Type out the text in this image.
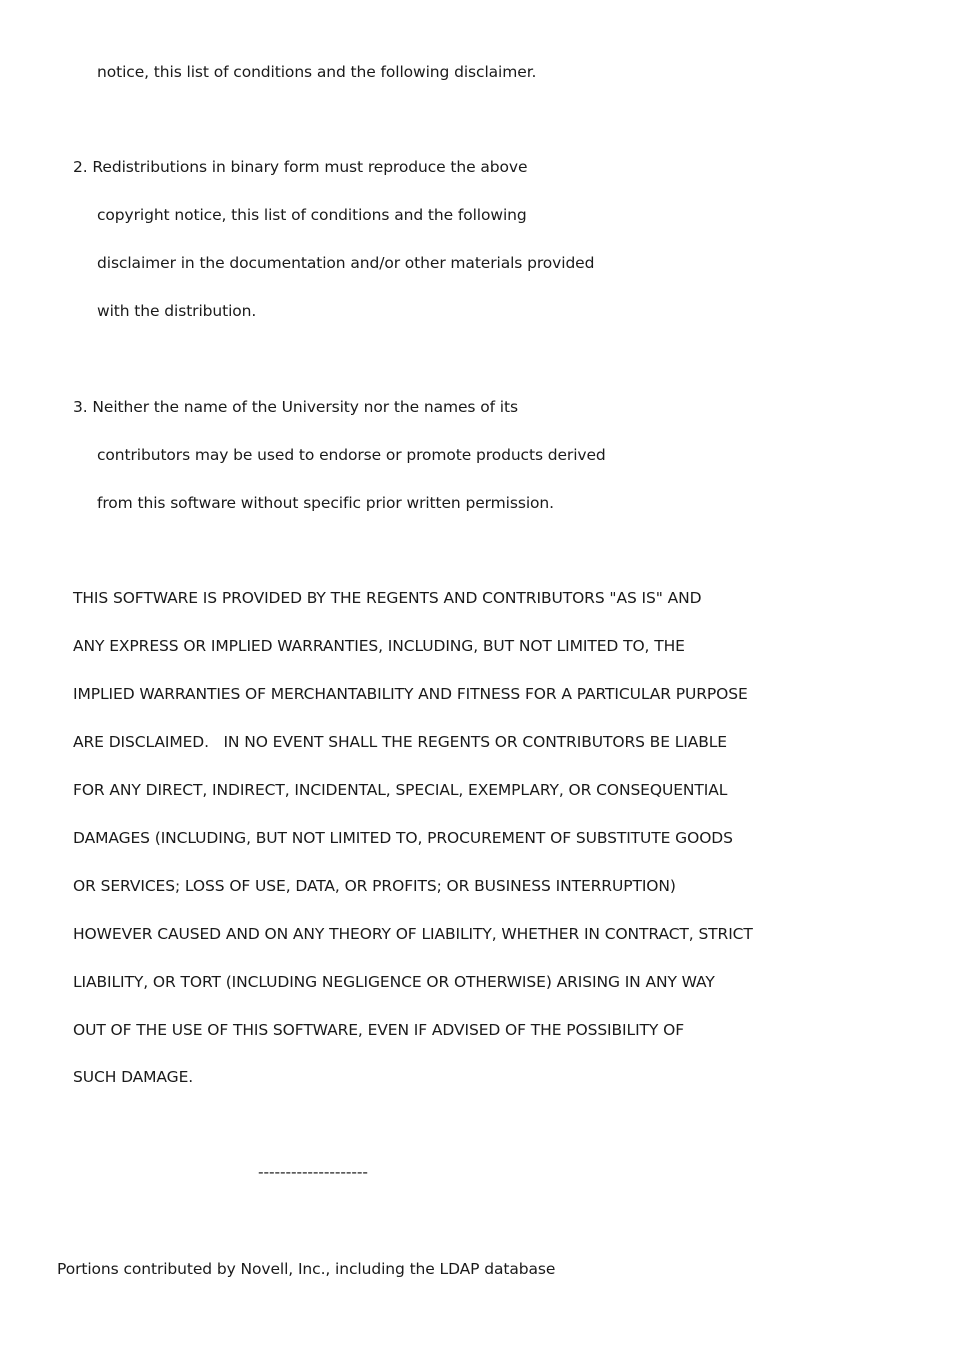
notice, this list of conditions and the following disclaimer.
2. Redistributions in binary form must reproduce the above
copyright notice, this list of conditions and the following
disclaimer in the documentation and/or other materials provided
with the distribution.
3. Neither the name of the University nor the names of its
contributors may be used to endorse or promote products derived
from this software without specific prior written permission.
THIS SOFTWARE IS PROVIDED BY THE REGENTS AND CONTRIBUTORS "AS IS" AND
ANY EXPRESS OR IMPLIED WARRANTIES, INCLUDING, BUT NOT LIMITED TO, THE
IMPLIED WARRANTIES OF MERCHANTABILITY AND FITNESS FOR A PARTICULAR PURPOSE
ARE DISCLAIMED.   IN NO EVENT SHALL THE REGENTS OR CONTRIBUTORS BE LIABLE
FOR ANY DIRECT, INDIRECT, INCIDENTAL, SPECIAL, EXEMPLARY, OR CONSEQUENTIAL
DAMAGES (INCLUDING, BUT NOT LIMITED TO, PROCUREMENT OF SUBSTITUTE GOODS
OR SERVICES; LOSS OF USE, DATA, OR PROFITS; OR BUSINESS INTERRUPTION)
HOWEVER CAUSED AND ON ANY THEORY OF LIABILITY, WHETHER IN CONTRACT, STRICT
LIABILITY, OR TORT (INCLUDING NEGLIGENCE OR OTHERWISE) ARISING IN ANY WAY
OUT OF THE USE OF THIS SOFTWARE, EVEN IF ADVISED OF THE POSSIBILITY OF
SUCH DAMAGE.
--------------------
Portions contributed by Novell, Inc., including the LDAP database
